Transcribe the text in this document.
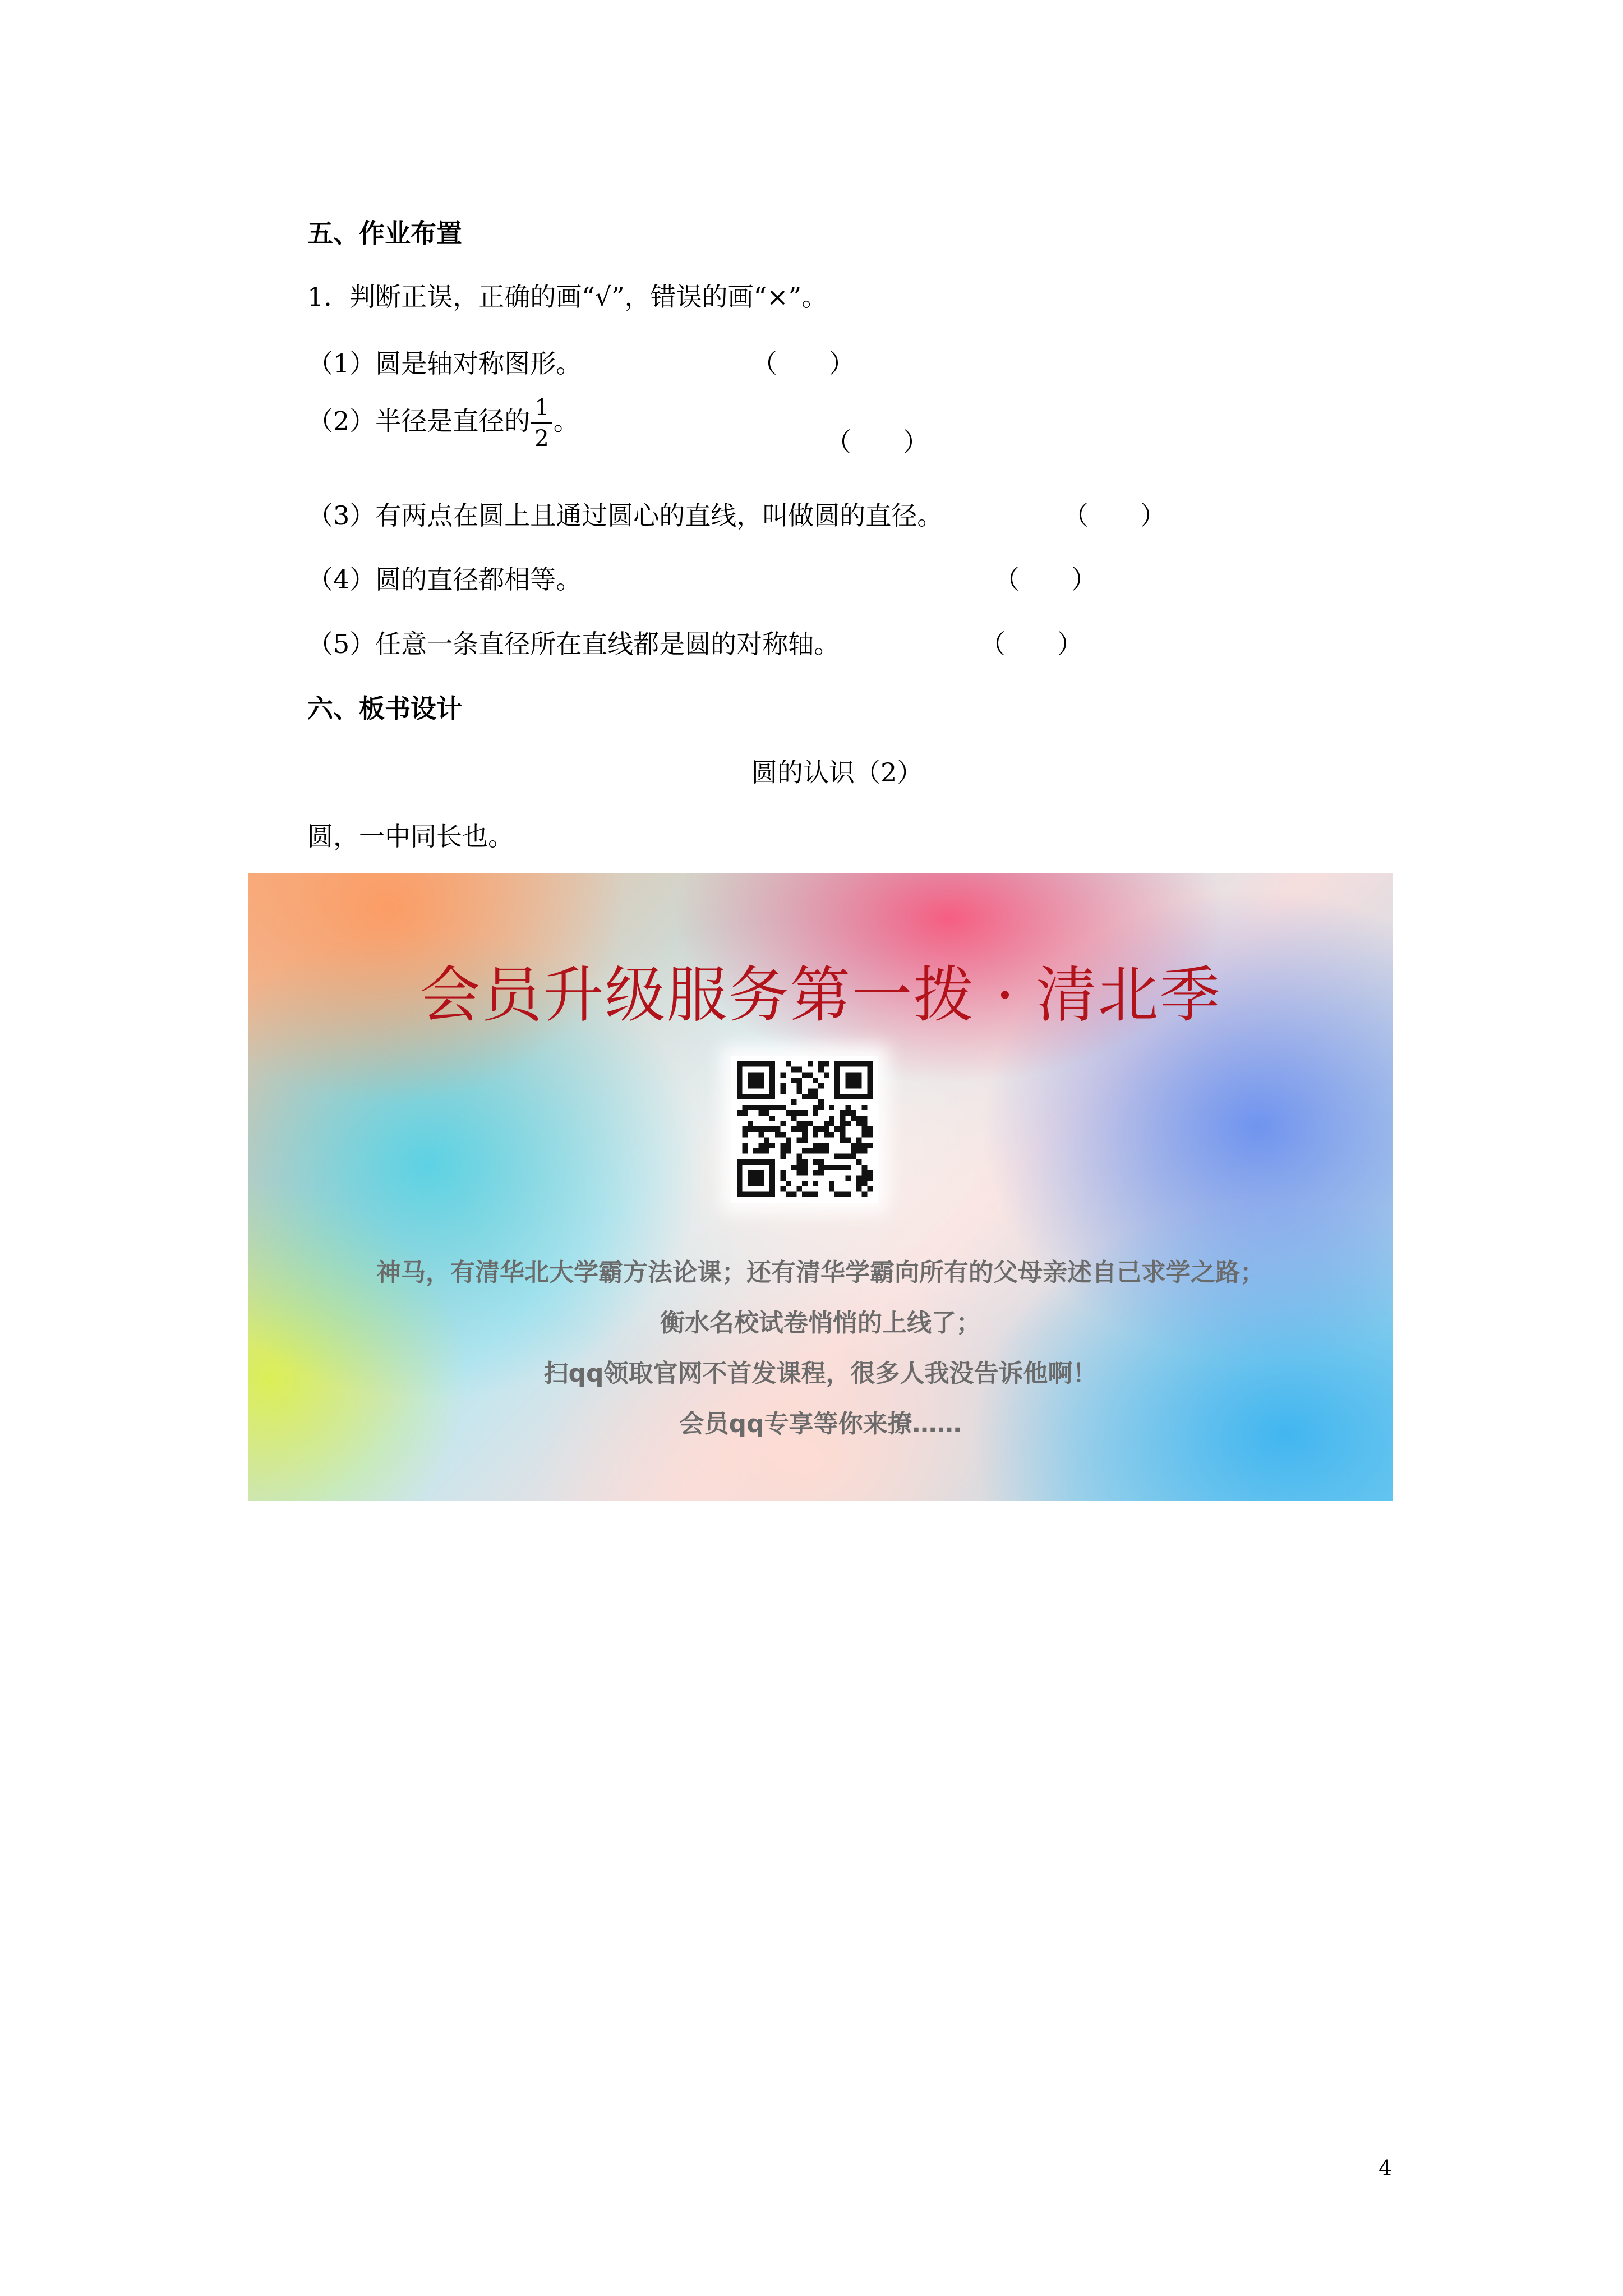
五、作业布置
1．判断正误，正确的画“√”，错误的画“×”。
（1）圆是轴对称图形。	（　　）
（2）半径是直径的 $\frac{1}{2}$ 。
（　　）
（3）有两点在圆上且通过圆心的直线，叫做圆的直径。	（　　）
（4）圆的直径都相等。	（　　）
（5）任意一条直径所在直线都是圆的对称轴。	（　　）
六、板书设计
圆的认识（2）
圆，一中同长也。
会员升级服务第一拨 · 清北季
神马，有清华北大学霸方法论课；还有清华学霸向所有的父母亲述自己求学之路；
衡水名校试卷悄悄的上线了；
扫qq领取官网不首发课程，很多人我没告诉他啊！
会员qq专享等你来撩……
4
